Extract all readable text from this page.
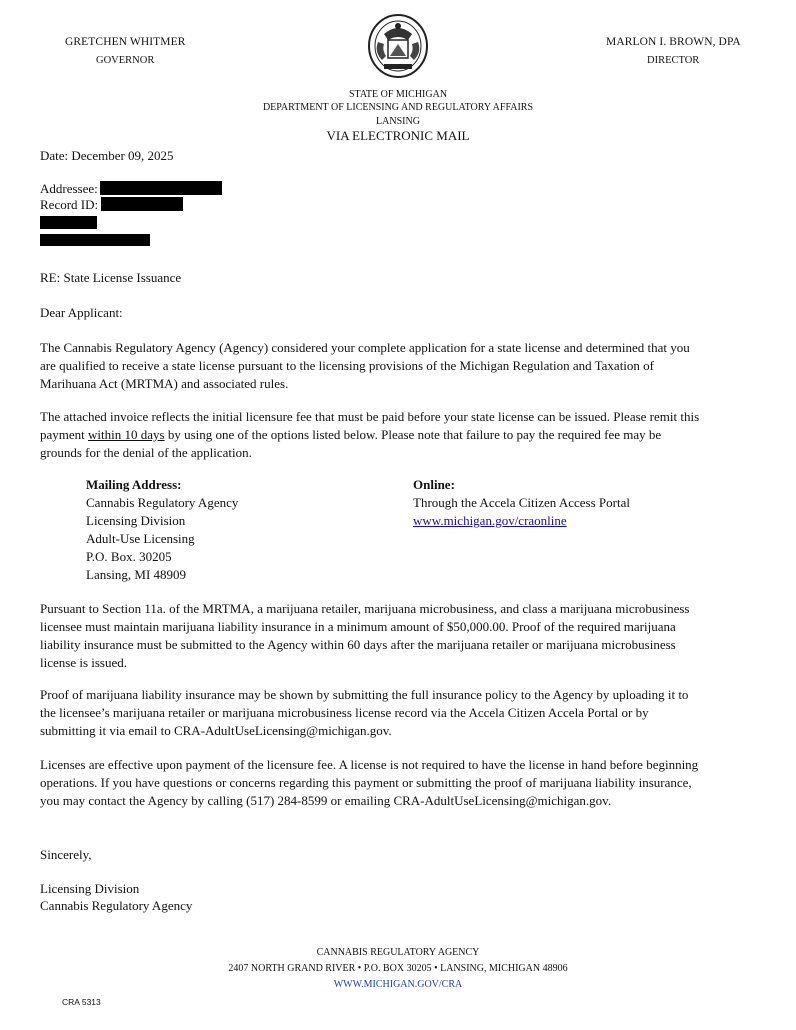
GRETCHEN WHITMER
GOVERNOR
MARLON I. BROWN, DPA
DIRECTOR
STATE OF MICHIGAN
DEPARTMENT OF LICENSING AND REGULATORY AFFAIRS
LANSING
VIA ELECTRONIC MAIL
Date: December 09, 2025
Addressee:
Record ID:
RE: State License Issuance
Dear Applicant:
The Cannabis Regulatory Agency (Agency) considered your complete application for a state license and determined that you are qualified to receive a state license pursuant to the licensing provisions of the Michigan Regulation and Taxation of Marihuana Act (MRTMA) and associated rules.
The attached invoice reflects the initial licensure fee that must be paid before your state license can be issued. Please remit this payment within 10 days by using one of the options listed below. Please note that failure to pay the required fee may be grounds for the denial of the application.
Mailing Address:
Cannabis Regulatory Agency
Licensing Division
Adult-Use Licensing
P.O. Box. 30205
Lansing, MI 48909
Online:
Through the Accela Citizen Access Portal
www.michigan.gov/craonline
Pursuant to Section 11a. of the MRTMA, a marijuana retailer, marijuana microbusiness, and class a marijuana microbusiness licensee must maintain marijuana liability insurance in a minimum amount of $50,000.00. Proof of the required marijuana liability insurance must be submitted to the Agency within 60 days after the marijuana retailer or marijuana microbusiness license is issued.
Proof of marijuana liability insurance may be shown by submitting the full insurance policy to the Agency by uploading it to the licensee’s marijuana retailer or marijuana microbusiness license record via the Accela Citizen Accela Portal or by submitting it via email to CRA-AdultUseLicensing@michigan.gov.
Licenses are effective upon payment of the licensure fee. A license is not required to have the license in hand before beginning operations. If you have questions or concerns regarding this payment or submitting the proof of marijuana liability insurance, you may contact the Agency by calling (517) 284-8599 or emailing CRA-AdultUseLicensing@michigan.gov.
Sincerely,
Licensing Division
Cannabis Regulatory Agency
CANNABIS REGULATORY AGENCY
2407 NORTH GRAND RIVER • P.O. BOX 30205 • LANSING, MICHIGAN 48906
WWW.MICHIGAN.GOV/CRA
CRA 5313
